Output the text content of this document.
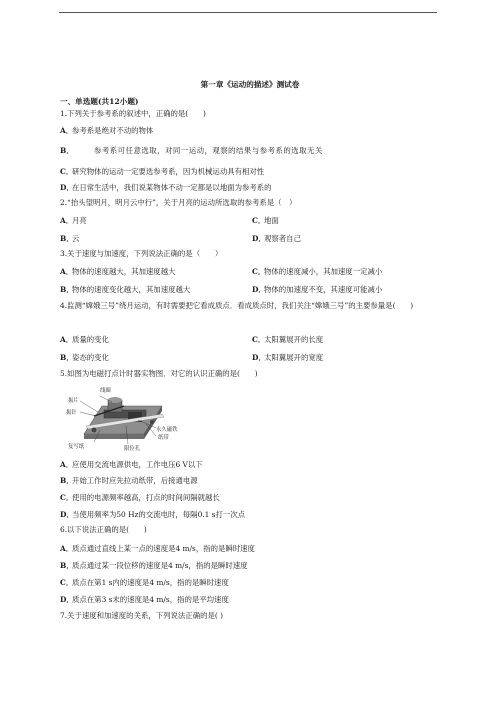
第一章《运动的描述》测试卷
一、单选题(共12小题)
1.下列关于参考系的叙述中，正确的是(　　)
A．参考系是绝对不动的物体
B．	参考系可任意选取，对同一运动，观察的结果与参考系的选取无关
C．研究物体的运动一定要选参考系，因为机械运动具有相对性
D．在日常生活中，我们说某物体不动一定都是以地面为参考系的
2.“抬头望明月，明月云中行”，关于月亮的运动所选取的参考系是（　）
A．月亮	C．地面
B．云	D．观察者自己
3.关于速度与加速度，下列说法正确的是（　　）
A．物体的速度越大，其加速度越大	C．物体的速度减小，其加速度一定减小
B．物体的速度变化越大，其加速度越大	D．物体的加速度不变，其速度可能减小
4.监测“嫦娥三号”绕月运动，有时需要把它看成质点．看成质点时，我们关注“嫦娥三号”的主要参量是(　　)
A．质量的变化	C．太阳翼展开的长度
B．姿态的变化	D．太阳翼展开的宽度
5.如图为电磁打点计时器实物图．对它的认识正确的是(　　)
线圈
振片
振针
永久磁铁
纸带
复写纸	限位孔
A．应使用交流电源供电，工作电压6 V以下
B．开始工作时应先拉动纸带，后接通电源
C．使用的电源频率越高，打点的时间间隔就越长
D．当使用频率为50 Hz的交流电时，每隔0.1 s打一次点
6.以下说法正确的是(　　)
A．质点通过直线上某一点的速度是4 m/s，指的是瞬时速度
B．质点通过某一段位移的速度是4 m/s，指的是瞬时速度
C．质点在第1 s内的速度是4 m/s，指的是瞬时速度
D．质点在第3 s末的速度是4 m/s，指的是平均速度
7.关于速度和加速度的关系，下列说法正确的是( )
